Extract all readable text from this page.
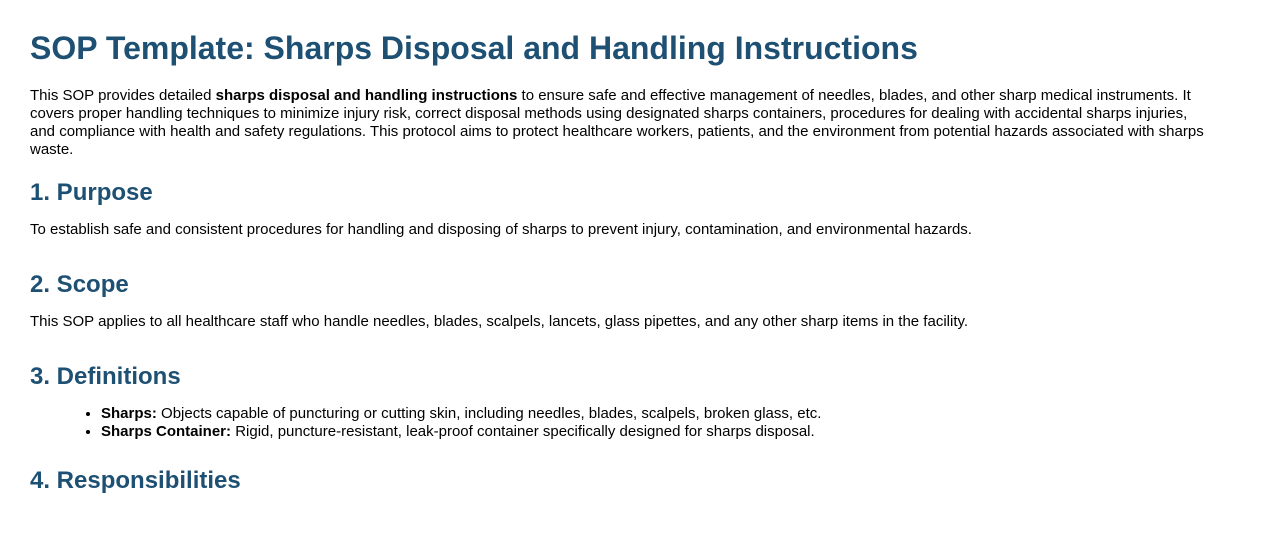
SOP Template: Sharps Disposal and Handling Instructions

This SOP provides detailed sharps disposal and handling instructions to ensure safe and effective management of needles, blades, and other sharp medical instruments. It covers proper handling techniques to minimize injury risk, correct disposal methods using designated sharps containers, procedures for dealing with accidental sharps injuries, and compliance with health and safety regulations. This protocol aims to protect healthcare workers, patients, and the environment from potential hazards associated with sharps waste.

1. Purpose

To establish safe and consistent procedures for handling and disposing of sharps to prevent injury, contamination, and environmental hazards.

2. Scope

This SOP applies to all healthcare staff who handle needles, blades, scalpels, lancets, glass pipettes, and any other sharp items in the facility.

3. Definitions
• Sharps: Objects capable of puncturing or cutting skin, including needles, blades, scalpels, broken glass, etc.
• Sharps Container: Rigid, puncture-resistant, leak-proof container specifically designed for sharps disposal.
4. Responsibilities
